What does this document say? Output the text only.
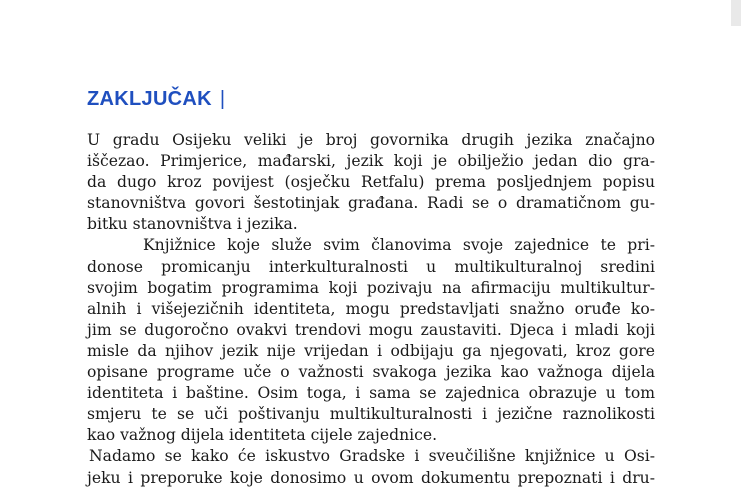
ZAKLJUČAK |
U gradu Osijeku veliki je broj govornika drugih jezika značajno
iščezao. Primjerice, mađarski, jezik koji je obilježio jedan dio gra-
da dugo kroz povijest (osječku Retfalu) prema posljednjem popisu
stanovništva govori šestotinjak građana. Radi se o dramatičnom gu-
bitku stanovništva i jezika.
Knjižnice koje služe svim članovima svoje zajednice te pri-
donose promicanju interkulturalnosti u multikulturalnoj sredini
svojim bogatim programima koji pozivaju na afirmaciju multikultur-
alnih i višejezičnih identiteta, mogu predstavljati snažno oruđe ko-
jim se dugoročno ovakvi trendovi mogu zaustaviti. Djeca i mladi koji
misle da njihov jezik nije vrijedan i odbijaju ga njegovati, kroz gore
opisane programe uče o važnosti svakoga jezika kao važnoga dijela
identiteta i baštine. Osim toga, i sama se zajednica obrazuje u tom
smjeru te se uči poštivanju multikulturalnosti i jezične raznolikosti
kao važnog dijela identiteta cijele zajednice.
Nadamo se kako će iskustvo Gradske i sveučilišne knjižnice u Osi-
jeku i preporuke koje donosimo u ovom dokumentu prepoznati i dru-
